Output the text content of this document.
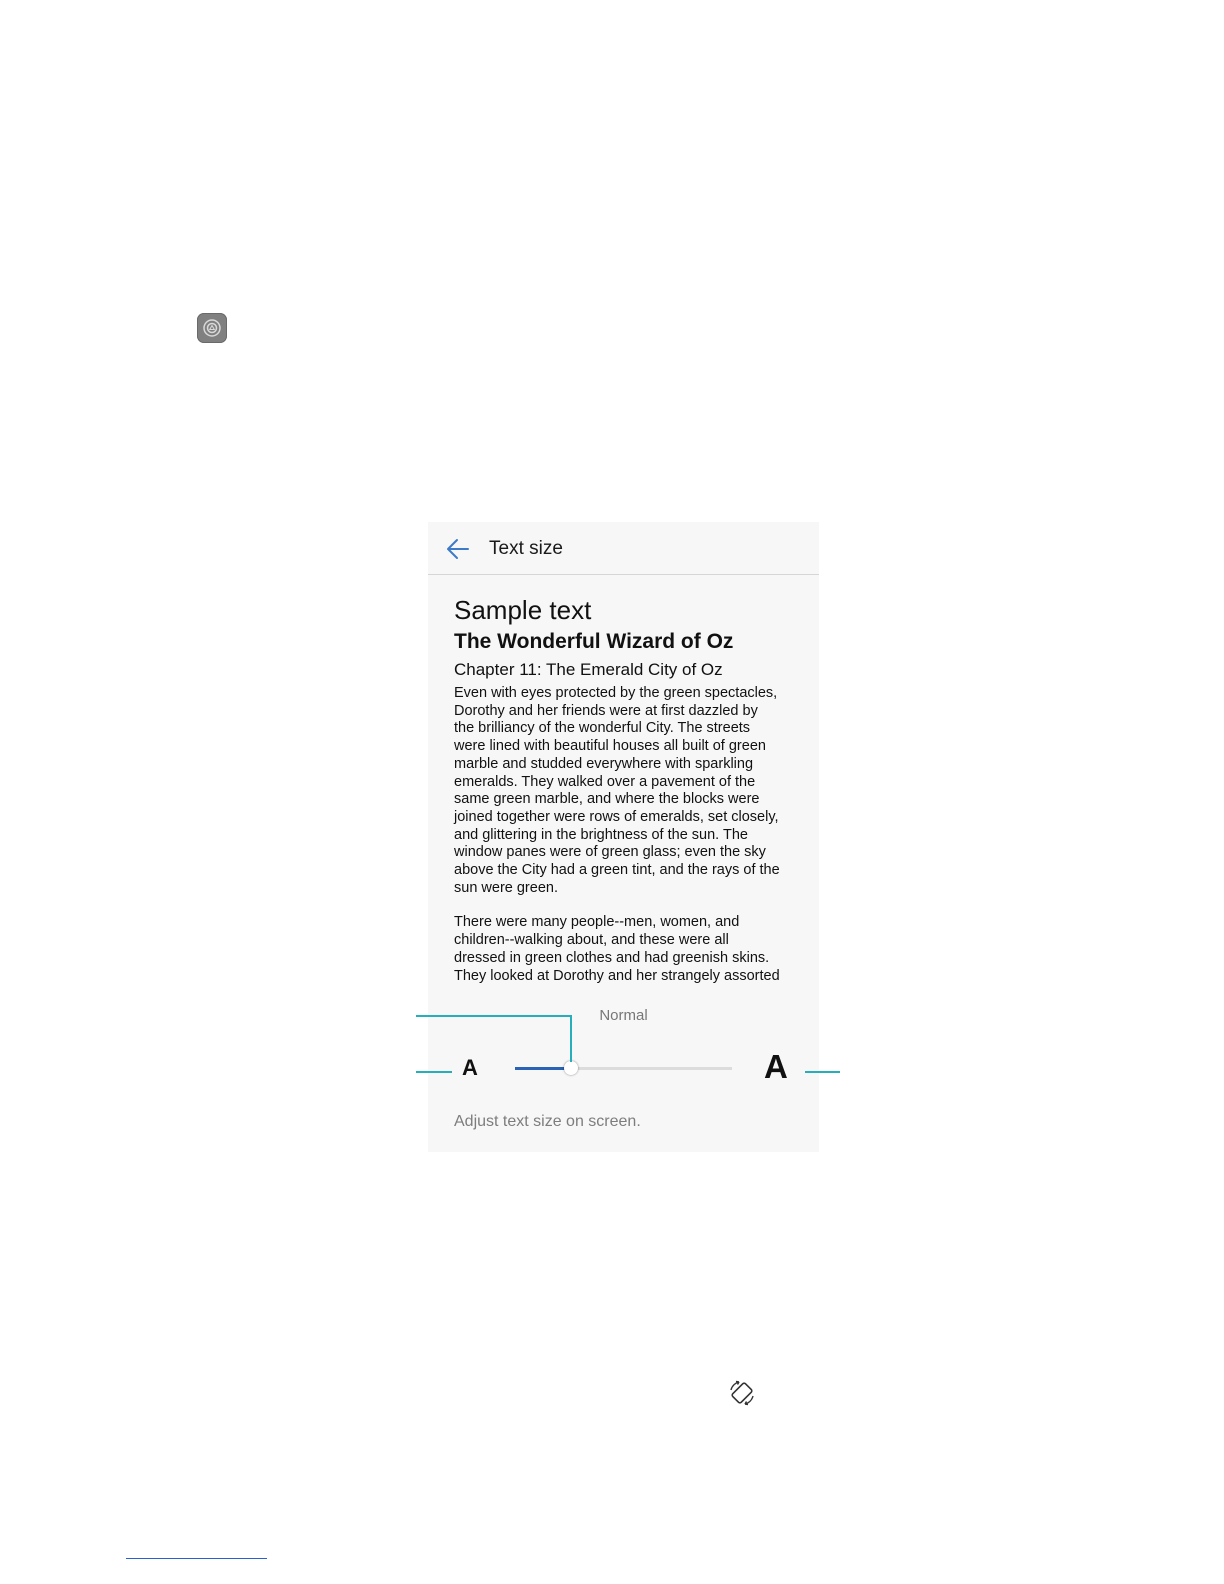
Text size
Sample text
The Wonderful Wizard of Oz
Chapter 11: The Emerald City of Oz

Even with eyes protected by the green spectacles,
Dorothy and her friends were at first dazzled by
the brilliancy of the wonderful City. The streets
were lined with beautiful houses all built of green
marble and studded everywhere with sparkling
emeralds. They walked over a pavement of the
same green marble, and where the blocks were
joined together were rows of emeralds, set closely,
and glittering in the brightness of the sun. The
window panes were of green glass; even the sky
above the City had a green tint, and the rays of the
sun were green.

There were many people--men, women, and
children--walking about, and these were all
dressed in green clothes and had greenish skins.
They looked at Dorothy and her strangely assorted

Normal
A	A
Adjust text size on screen.
